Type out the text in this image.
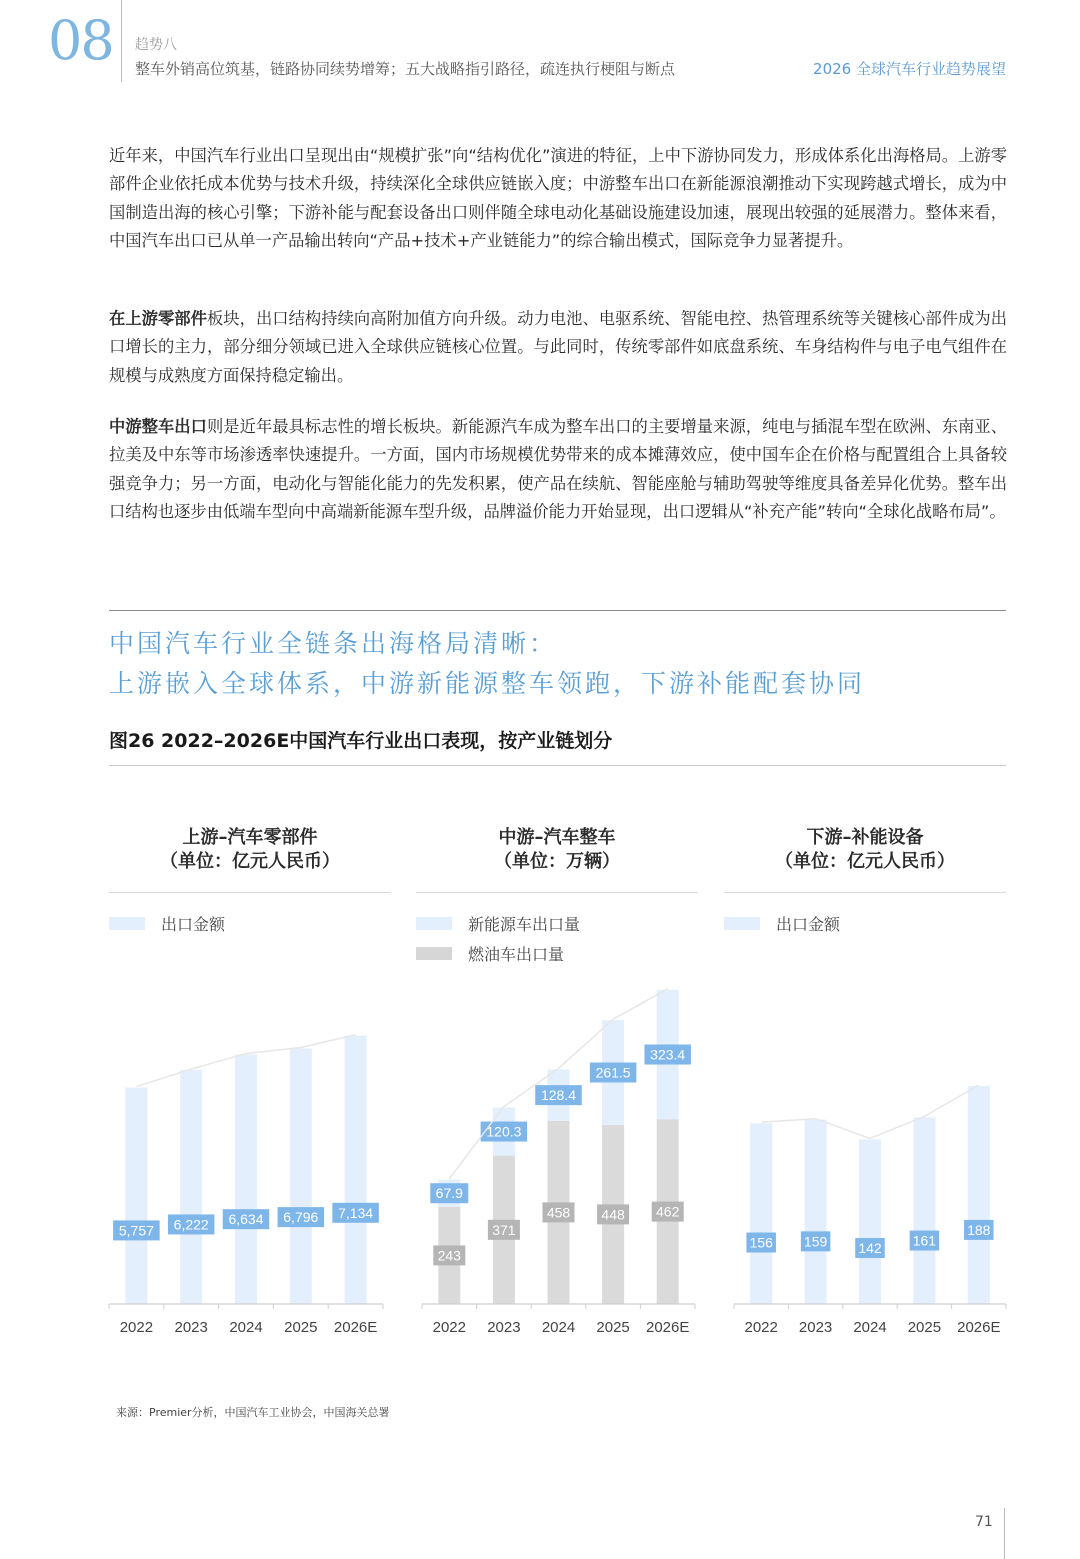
08 趋势八
整车外销高位筑基，链路协同续势增筹；五大战略指引路径，疏连执行梗阻与断点	2026 全球汽车行业趋势展望

近年来，中国汽车行业出口呈现出由“规模扩张”向“结构优化”演进的特征，上中下游协同发力，形成体系化出海格局。上游零部件企业依托成本优势与技术升级，持续深化全球供应链嵌入度；中游整车出口在新能源浪潮推动下实现跨越式增长，成为中国制造出海的核心引擎；下游补能与配套设备出口则伴随全球电动化基础设施建设加速，展现出较强的延展潜力。整体来看，中国汽车出口已从单一产品输出转向“产品+技术+产业链能力”的综合输出模式，国际竞争力显著提升。

在上游零部件板块，出口结构持续向高附加值方向升级。动力电池、电驱系统、智能电控、热管理系统等关键核心部件成为出口增长的主力，部分细分领域已进入全球供应链核心位置。与此同时，传统零部件如底盘系统、车身结构件与电子电气组件在规模与成熟度方面保持稳定输出。

中游整车出口则是近年最具标志性的增长板块。新能源汽车成为整车出口的主要增量来源，纯电与插混车型在欧洲、东南亚、拉美及中东等市场渗透率快速提升。一方面，国内市场规模优势带来的成本摊薄效应，使中国车企在价格与配置组合上具备较强竞争力；另一方面，电动化与智能化能力的先发积累，使产品在续航、智能座舱与辅助驾驶等维度具备差异化优势。整车出口结构也逐步由低端车型向中高端新能源车型升级，品牌溢价能力开始显现，出口逻辑从“补充产能”转向“全球化战略布局”。

中国汽车行业全链条出海格局清晰：
上游嵌入全球体系，中游新能源整车领跑，下游补能配套协同
图26 2022–2026E中国汽车行业出口表现，按产业链划分
上游–汽车零部件
（单位：亿元人民币）
出口金额
中游–汽车整车
（单位：万辆）
新能源车出口量
燃油车出口量
下游–补能设备
（单位：亿元人民币）
出口金额
5,757
2022
6,222
2023
6,634
2024
6,796
2025
7,134
2026E
243
67.9
2022
371
120.3
2023
458
128.4
2024
448
261.5
2025
462
323.4
2026E
156
2022
159
2023
142
2024
161
2025
188
2026E
来源：Premier分析，中国汽车工业协会，中国海关总署
71
